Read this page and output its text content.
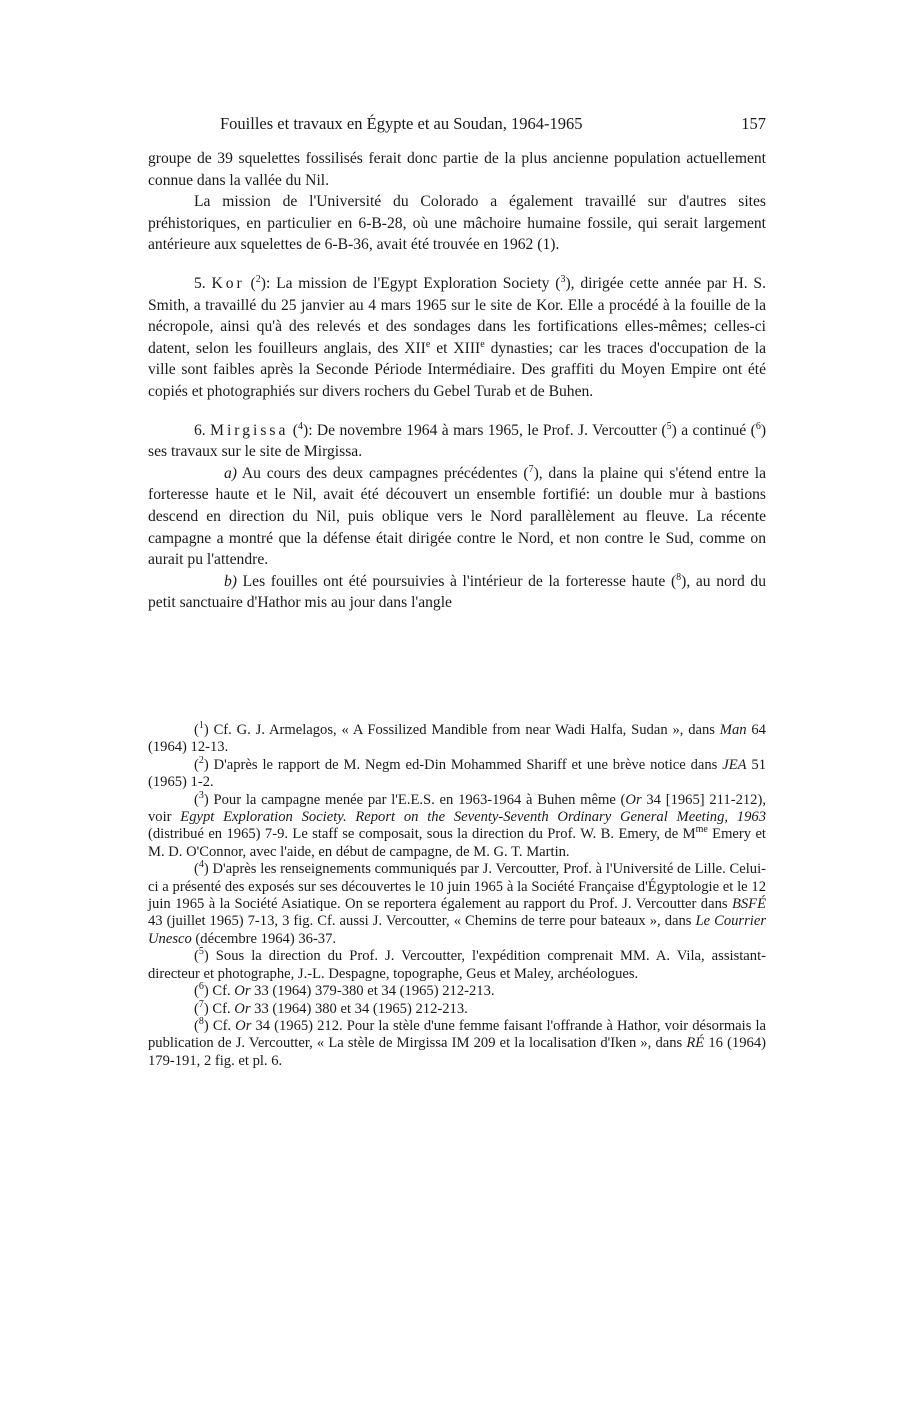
Fouilles et travaux en Égypte et au Soudan, 1964-1965	157

groupe de 39 squelettes fossilisés ferait donc partie de la plus ancienne population actuellement connue dans la vallée du Nil.

La mission de l'Université du Colorado a également travaillé sur d'autres sites préhistoriques, en particulier en 6-B-28, où une mâchoire humaine fossile, qui serait largement antérieure aux squelettes de 6-B-36, avait été trouvée en 1962 (1).

5. Kor ($^2$): La mission de l'Egypt Exploration Society ($^3$), dirigée cette année par H. S. Smith, a travaillé du 25 janvier au 4 mars 1965 sur le site de Kor. Elle a procédé à la fouille de la nécropole, ainsi qu'à des relevés et des sondages dans les fortifications elles-mêmes; celles-ci datent, selon les fouilleurs anglais, des XIIe et XIIIe dynasties; car les traces d'occupation de la ville sont faibles après la Seconde Période Intermédiaire. Des graffiti du Moyen Empire ont été copiés et photographiés sur divers rochers du Gebel Turab et de Buhen.

6. Mirgissa ($^4$): De novembre 1964 à mars 1965, le Prof. J. Vercoutter ($^5$) a continué ($^6$) ses travaux sur le site de Mirgissa.

a) Au cours des deux campagnes précédentes ($^7$), dans la plaine qui s'étend entre la forteresse haute et le Nil, avait été découvert un ensemble fortifié: un double mur à bastions descend en direction du Nil, puis oblique vers le Nord parallèlement au fleuve. La récente campagne a montré que la défense était dirigée contre le Nord, et non contre le Sud, comme on aurait pu l'attendre.

b) Les fouilles ont été poursuivies à l'intérieur de la forteresse haute ($^8$), au nord du petit sanctuaire d'Hathor mis au jour dans l'angle

($^1$) Cf. G. J. Armelagos, « A Fossilized Mandible from near Wadi Halfa, Sudan », dans Man 64 (1964) 12-13.

($^2$) D'après le rapport de M. Negm ed-Din Mohammed Shariff et une brève notice dans JEA 51 (1965) 1-2.

($^3$) Pour la campagne menée par l'E.E.S. en 1963-1964 à Buhen même (Or 34 [1965] 211-212), voir Egypt Exploration Society. Report on the Seventy-Seventh Ordinary General Meeting, 1963 (distribué en 1965) 7-9. Le staff se composait, sous la direction du Prof. W. B. Emery, de $M^{me}$ Emery et M. D. O'Connor, avec l'aide, en début de campagne, de M. G. T. Martin.

($^4$) D'après les renseignements communiqués par J. Vercoutter, Prof. à l'Université de Lille. Celui-ci a présenté des exposés sur ses découvertes le 10 juin 1965 à la Société Française d'Égyptologie et le 12 juin 1965 à la Société Asiatique. On se reportera également au rapport du Prof. J. Vercoutter dans BSFÉ 43 (juillet 1965) 7-13, 3 fig. Cf. aussi J. Vercoutter, « Chemins de terre pour bateaux », dans Le Courrier Unesco (décembre 1964) 36-37.

($^5$) Sous la direction du Prof. J. Vercoutter, l'expédition comprenait MM. A. Vila, assistant-directeur et photographe, J.-L. Despagne, topographe, Geus et Maley, archéologues.

($^6$) Cf. Or 33 (1964) 379-380 et 34 (1965) 212-213.

($^7$) Cf. Or 33 (1964) 380 et 34 (1965) 212-213.

($^8$) Cf. Or 34 (1965) 212. Pour la stèle d'une femme faisant l'offrande à Hathor, voir désormais la publication de J. Vercoutter, « La stèle de Mirgissa IM 209 et la localisation d'Iken », dans RÉ 16 (1964) 179-191, 2 fig. et pl. 6.
